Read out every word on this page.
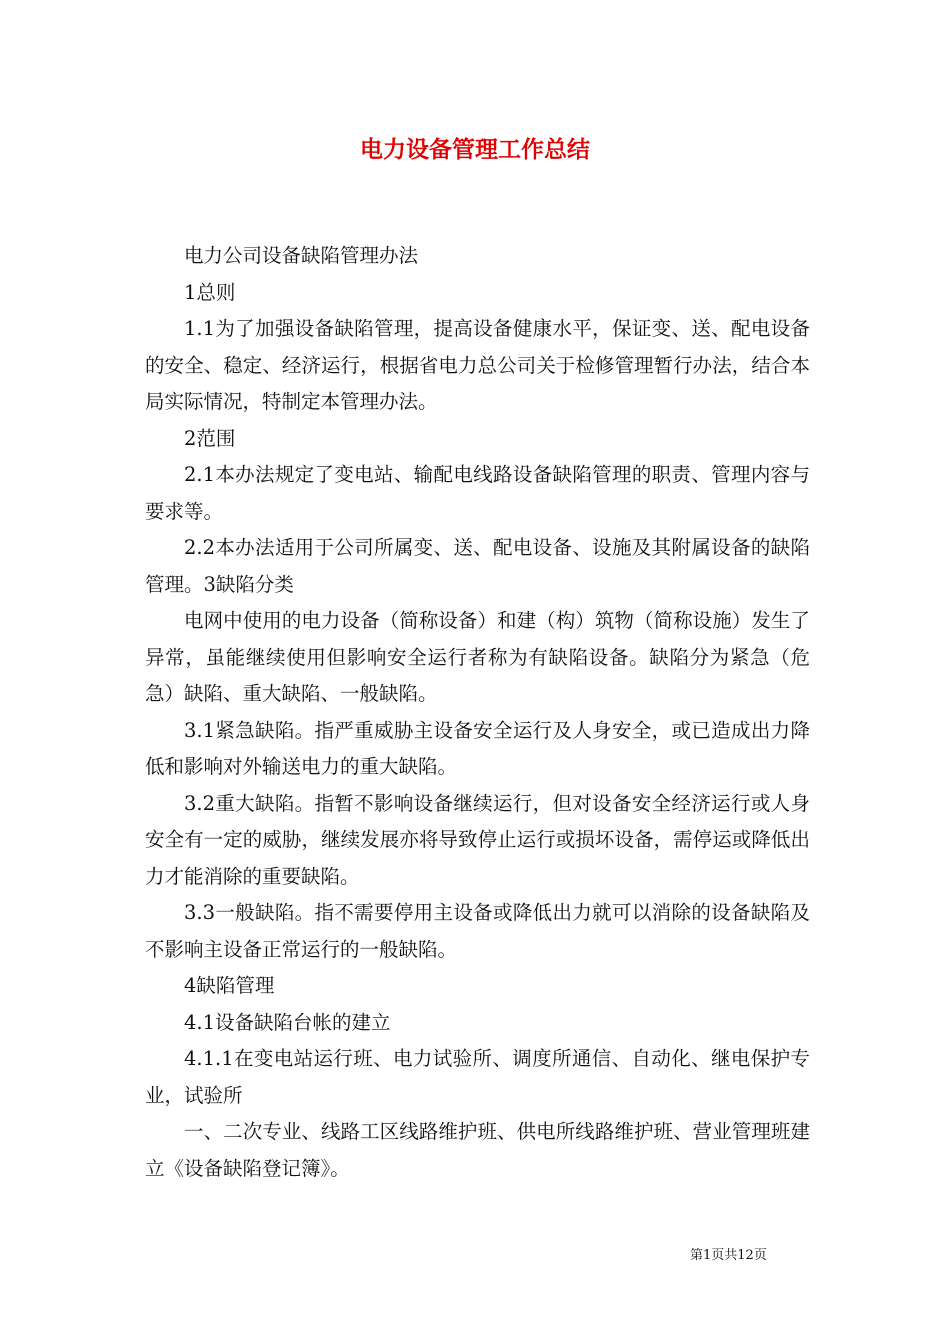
电力设备管理工作总结

电力公司设备缺陷管理办法

1总则

1.1为了加强设备缺陷管理，提高设备健康水平，保证变、送、配电设备的安全、稳定、经济运行，根据省电力总公司关于检修管理暂行办法，结合本局实际情况，特制定本管理办法。

2范围

2.1本办法规定了变电站、输配电线路设备缺陷管理的职责、管理内容与要求等。

2.2本办法适用于公司所属变、送、配电设备、设施及其附属设备的缺陷管理。3缺陷分类

电网中使用的电力设备（简称设备）和建（构）筑物（简称设施）发生了异常，虽能继续使用但影响安全运行者称为有缺陷设备。缺陷分为紧急（危急）缺陷、重大缺陷、一般缺陷。

3.1紧急缺陷。指严重威胁主设备安全运行及人身安全，或已造成出力降低和影响对外输送电力的重大缺陷。

3.2重大缺陷。指暂不影响设备继续运行，但对设备安全经济运行或人身安全有一定的威胁，继续发展亦将导致停止运行或损坏设备，需停运或降低出力才能消除的重要缺陷。

3.3一般缺陷。指不需要停用主设备或降低出力就可以消除的设备缺陷及不影响主设备正常运行的一般缺陷。

4缺陷管理

4.1设备缺陷台帐的建立

4.1.1在变电站运行班、电力试验所、调度所通信、自动化、继电保护专业，试验所

一、二次专业、线路工区线路维护班、供电所线路维护班、营业管理班建立《设备缺陷登记簿》。

第1页共12页
